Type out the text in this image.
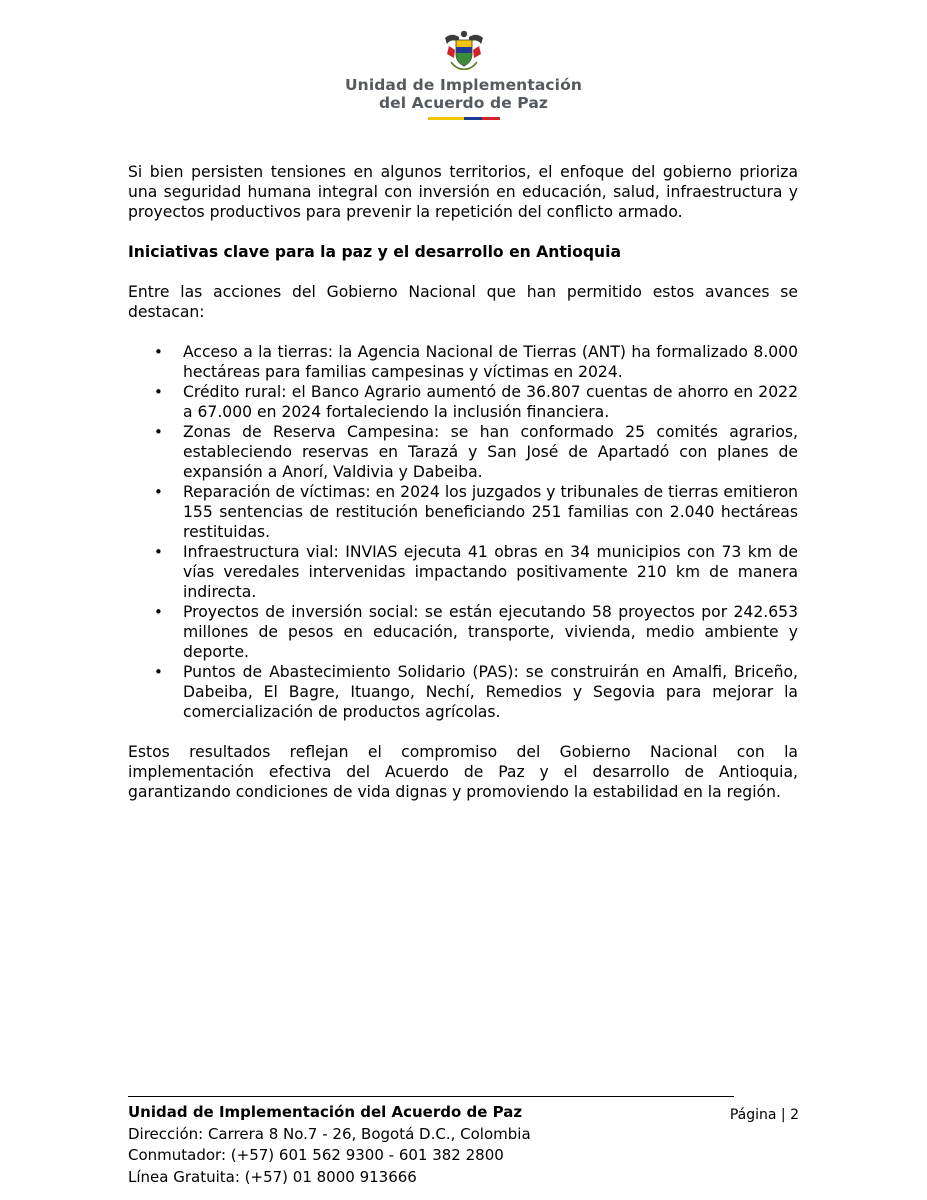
Unidad de Implementación
del Acuerdo de Paz

Si bien persisten tensiones en algunos territorios, el enfoque del gobierno prioriza una seguridad humana integral con inversión en educación, salud, infraestructura y proyectos productivos para prevenir la repetición del conflicto armado.

Iniciativas clave para la paz y el desarrollo en Antioquia

Entre las acciones del Gobierno Nacional que han permitido estos avances se destacan:

• Acceso a la tierras: la Agencia Nacional de Tierras (ANT) ha formalizado 8.000 hectáreas para familias campesinas y víctimas en 2024.
• Crédito rural: el Banco Agrario aumentó de 36.807 cuentas de ahorro en 2022 a 67.000 en 2024 fortaleciendo la inclusión financiera.
• Zonas de Reserva Campesina: se han conformado 25 comités agrarios, estableciendo reservas en Tarazá y San José de Apartadó con planes de expansión a Anorí, Valdivia y Dabeiba.
• Reparación de víctimas: en 2024 los juzgados y tribunales de tierras emitieron 155 sentencias de restitución beneficiando 251 familias con 2.040 hectáreas restituidas.
• Infraestructura vial: INVIAS ejecuta 41 obras en 34 municipios con 73 km de vías veredales intervenidas impactando positivamente 210 km de manera indirecta.
• Proyectos de inversión social: se están ejecutando 58 proyectos por 242.653 millones de pesos en educación, transporte, vivienda, medio ambiente y deporte.
• Puntos de Abastecimiento Solidario (PAS): se construirán en Amalfi, Briceño, Dabeiba, El Bagre, Ituango, Nechí, Remedios y Segovia para mejorar la comercialización de productos agrícolas.

Estos resultados reflejan el compromiso del Gobierno Nacional con la implementación efectiva del Acuerdo de Paz y el desarrollo de Antioquia, garantizando condiciones de vida dignas y promoviendo la estabilidad en la región.

Unidad de Implementación del Acuerdo de Paz
Dirección: Carrera 8 No.7 - 26, Bogotá D.C., Colombia
Conmutador: (+57) 601 562 9300 - 601 382 2800
Línea Gratuita: (+57) 01 8000 913666
Página | 2
